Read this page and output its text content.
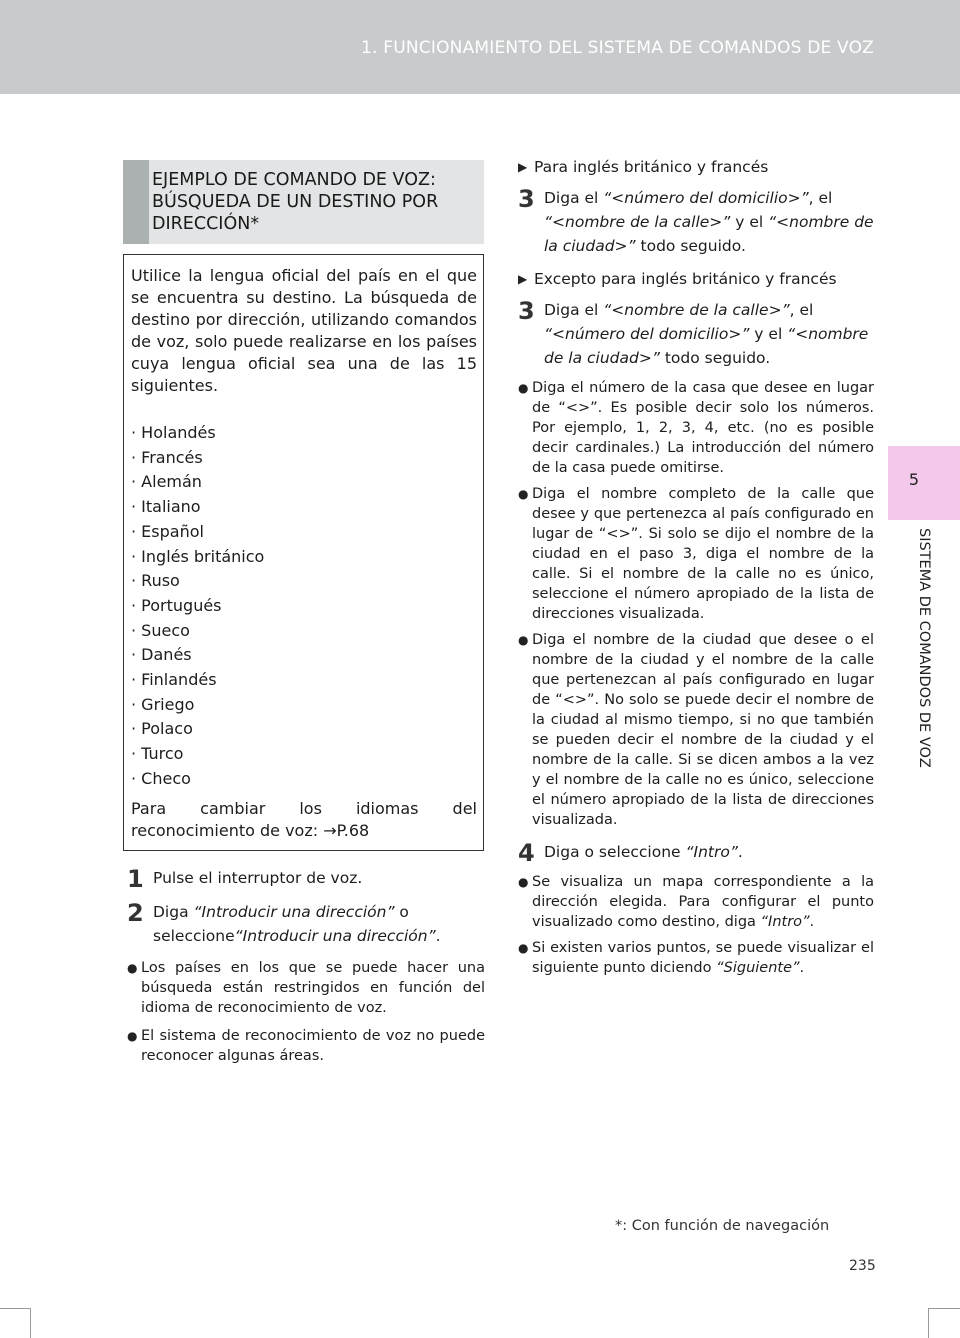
1. FUNCIONAMIENTO DEL SISTEMA DE COMANDOS DE VOZ
5
SISTEMA DE COMANDOS DE VOZ
EJEMPLO DE COMANDO DE VOZ: BÚSQUEDA DE UN DESTINO POR DIRECCIÓN*
Utilice la lengua oficial del país en el que se encuentra su destino. La búsqueda de destino por dirección, utilizando comandos de voz, solo puede realizarse en los países cuya lengua oficial sea una de las 15 siguientes.
· Holandés
· Francés
· Alemán
· Italiano
· Español
· Inglés británico
· Ruso
· Portugués
· Sueco
· Danés
· Finlandés
· Griego
· Polaco
· Turco
· Checo
Para cambiar los idiomas del reconocimiento de voz: →P.68
1 Pulse el interruptor de voz.
2 Diga “Introducir una dirección” o seleccione“Introducir una dirección”.
● Los países en los que se puede hacer una búsqueda están restringidos en función del idioma de reconocimiento de voz.
● El sistema de reconocimiento de voz no puede reconocer algunas áreas.
▶ Para inglés británico y francés
3 Diga el “<número del domicilio>”, el “<nombre de la calle>” y el “<nombre de la ciudad>” todo seguido.
▶ Excepto para inglés británico y francés
3 Diga el “<nombre de la calle>”, el “<número del domicilio>” y el “<nombre de la ciudad>” todo seguido.
● Diga el número de la casa que desee en lugar de “<>”. Es posible decir solo los números. Por ejemplo, 1, 2, 3, 4, etc. (no es posible decir cardinales.) La introducción del número de la casa puede omitirse.
● Diga el nombre completo de la calle que desee y que pertenezca al país configurado en lugar de “<>”. Si solo se dijo el nombre de la ciudad en el paso 3, diga el nombre de la calle. Si el nombre de la calle no es único, seleccione el número apropiado de la lista de direcciones visualizada.
● Diga el nombre de la ciudad que desee o el nombre de la ciudad y el nombre de la calle que pertenezcan al país configurado en lugar de “<>”. No solo se puede decir el nombre de la ciudad al mismo tiempo, si no que también se pueden decir el nombre de la ciudad y el nombre de la calle. Si se dicen ambos a la vez y el nombre de la calle no es único, seleccione el número apropiado de la lista de direcciones visualizada.
4 Diga o seleccione “Intro”.
● Se visualiza un mapa correspondiente a la dirección elegida. Para configurar el punto visualizado como destino, diga “Intro”.
● Si existen varios puntos, se puede visualizar el siguiente punto diciendo “Siguiente”.
*: Con función de navegación
235
